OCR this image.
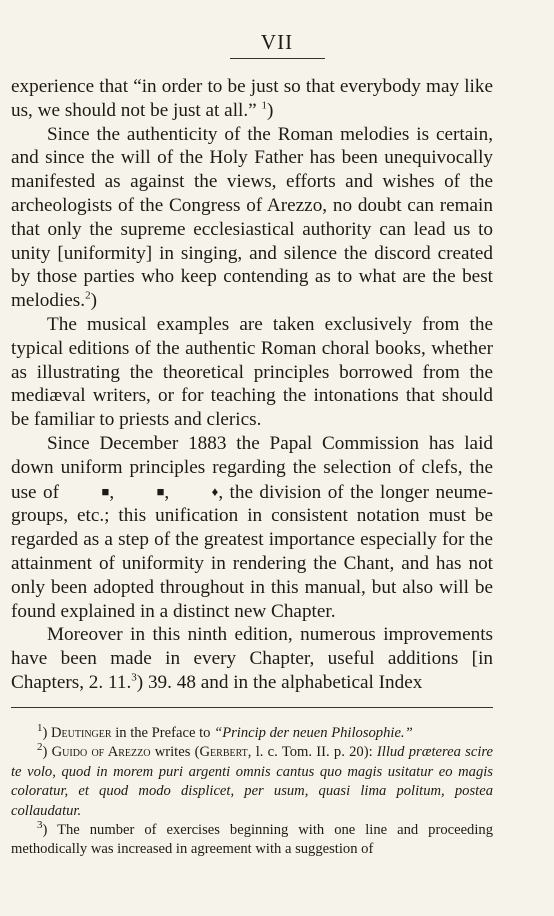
VII

experience that “in order to be just so that everybody may like us, we should not be just at all.” $^1$)

Since the authenticity of the Roman melodies is certain, and since the will of the Holy Father has been unequivocally manifested as against the views, efforts and wishes of the archeologists of the Congress of Arezzo, no doubt can remain that only the supreme ecclesiastical authority can lead us to unity [uniformity] in singing, and silence the discord created by those parties who keep contending as to what are the best melodies.$^2$)

The musical examples are taken exclusively from the typical editions of the authentic Roman choral books, whether as illustrating the theoretical principles borrowed from the mediæval writers, or for teaching the intonations that should be familiar to priests and clerics.

Since December 1883 the Papal Commission has laid down uniform principles regarding the selection of clefs, the use of	■,	■,	♦, the division of the longer neume-groups, etc.; this unification in consistent notation must be regarded as a step of the greatest importance especially for the attainment of uniformity in rendering the Chant, and has not only been adopted throughout in this manual, but also will be found explained in a distinct new Chapter.

Moreover in this ninth edition, numerous improvements have been made in every Chapter, useful additions [in Chapters, 2. 11.$^3$) 39. 48 and in the alphabetical Index

$^1$) Deutinger in the Preface to “Princip der neuen Philosophie.”

$^2$) Guido of Arezzo writes (Gerbert, l. c. Tom. II. p. 20): Illud præterea scire te volo, quod in morem puri argenti omnis cantus quo magis usitatur eo magis coloratur, et quod modo displicet, per usum, quasi lima politum, postea collaudatur.

$^3$) The number of exercises beginning with one line and proceeding methodically was increased in agreement with a suggestion of
